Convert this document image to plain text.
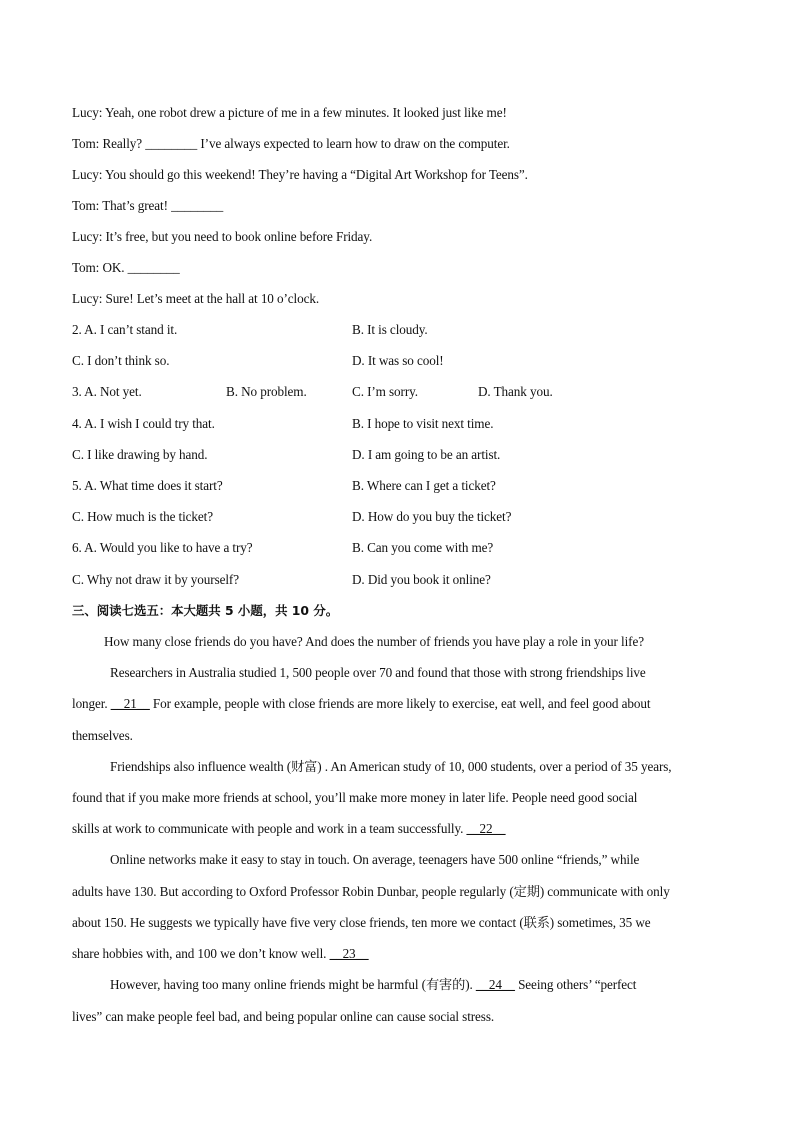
Lucy: Yeah, one robot drew a picture of me in a few minutes. It looked just like me!
Tom: Really? ________ I’ve always expected to learn how to draw on the computer.
Lucy: You should go this weekend! They’re having a “Digital Art Workshop for Teens”.
Tom: That’s great! ________
Lucy: It’s free, but you need to book online before Friday.
Tom: OK. ________
Lucy: Sure! Let’s meet at the hall at 10 o’clock.
2. A. I can’t stand it.	B. It is cloudy.
C. I don’t think so.	D. It was so cool!
3. A. Not yet.	B. No problem.	C. I’m sorry.	D. Thank you.
4. A. I wish I could try that.	B. I hope to visit next time.
C. I like drawing by hand.	D. I am going to be an artist.
5. A. What time does it start?	B. Where can I get a ticket?
C. How much is the ticket?	D. How do you buy the ticket?
6. A. Would you like to have a try?	B. Can you come with me?
C. Why not draw it by yourself?	D. Did you book it online?
三、阅读七选五：本大题共 5 小题，共 10 分。
How many close friends do you have? And does the number of friends you have play a role in your life?
Researchers in Australia studied 1, 500 people over 70 and found that those with strong friendships live
longer. __21__ For example, people with close friends are more likely to exercise, eat well, and feel good about
themselves.
Friendships also influence wealth (财富) . An American study of 10, 000 students, over a period of 35 years,
found that if you make more friends at school, you’ll make more money in later life. People need good social
skills at work to communicate with people and work in a team successfully. __22__
Online networks make it easy to stay in touch. On average, teenagers have 500 online “friends,” while
adults have 130. But according to Oxford Professor Robin Dunbar, people regularly (定期) communicate with only
about 150. He suggests we typically have five very close friends, ten more we contact (联系) sometimes, 35 we
share hobbies with, and 100 we don’t know well. __23__
However, having too many online friends might be harmful (有害的). __24__ Seeing others’ “perfect
lives” can make people feel bad, and being popular online can cause social stress.
